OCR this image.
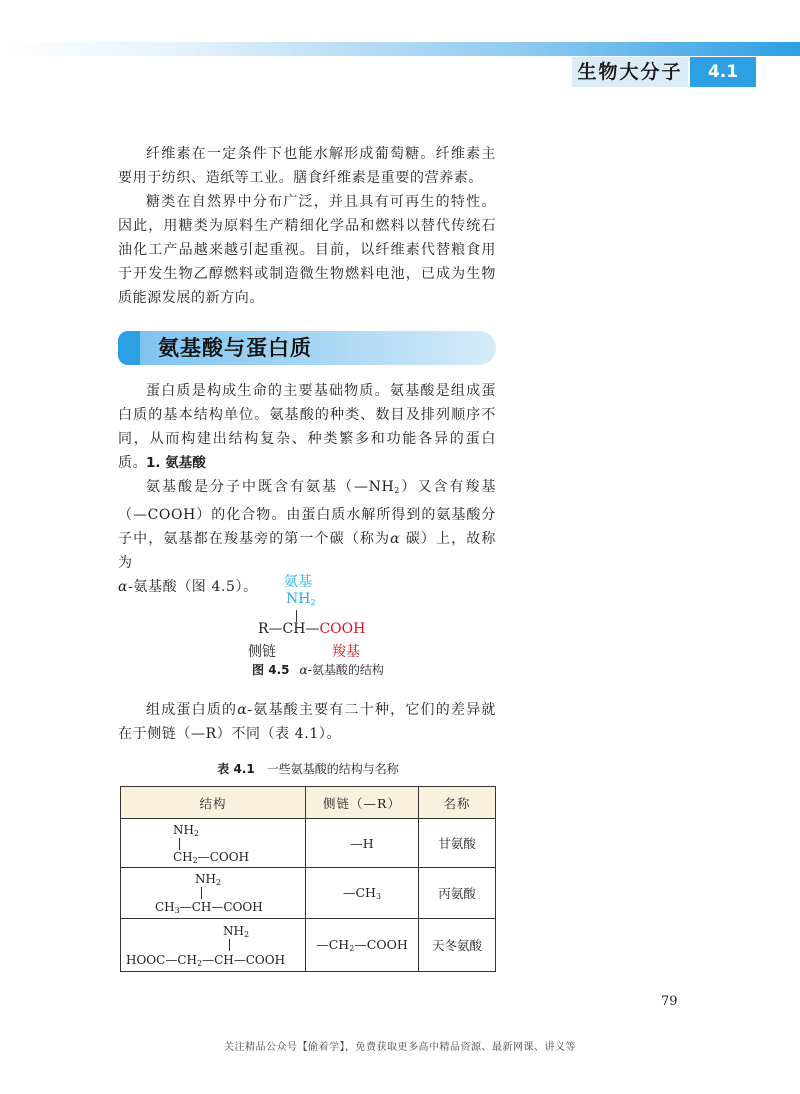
生物大分子	4.1

纤维素在一定条件下也能水解形成葡萄糖。纤维素主要用于纺织、造纸等工业。膳食纤维素是重要的营养素。

糖类在自然界中分布广泛，并且具有可再生的特性。因此，用糖类为原料生产精细化学品和燃料以替代传统石油化工产品越来越引起重视。目前，以纤维素代替粮食用于开发生物乙醇燃料或制造微生物燃料电池，已成为生物质能源发展的新方向。

氨基酸与蛋白质

蛋白质是构成生命的主要基础物质。氨基酸是组成蛋白质的基本结构单位。氨基酸的种类、数目及排列顺序不同，从而构建出结构复杂、种类繁多和功能各异的蛋白质。

1. 氨基酸

氨基酸是分子中既含有氨基$(—NH_2)$又含有羧基（—COOH）的化合物。由蛋白质水解所得到的氨基酸分子中，氨基都在羧基旁的第一个碳（称为α 碳）上，故称为
α-氨基酸（图 4.5）。	氨基
$NH_2$
R—CH—COOH
侧链	羧基
图 4.5 α-氨基酸的结构

组成蛋白质的α-氨基酸主要有二十种，它们的差异就在于侧链（—R）不同（表 4.1）。

表 4.1 一些氨基酸的结构与名称
结构	侧链（—R）	名称

$NH_2$
$CH_2—COOH$	—H	甘氨酸

$NH_2$
$CH_3—CH—COOH$	$—CH_3$	丙氨酸

$NH_2$
$HOOC—CH_2—CH—COOH$	$—CH_2—COOH$	天冬氨酸
79
关注精品公众号【偷着学】，免费获取更多高中精品资源、最新网课、讲义等
